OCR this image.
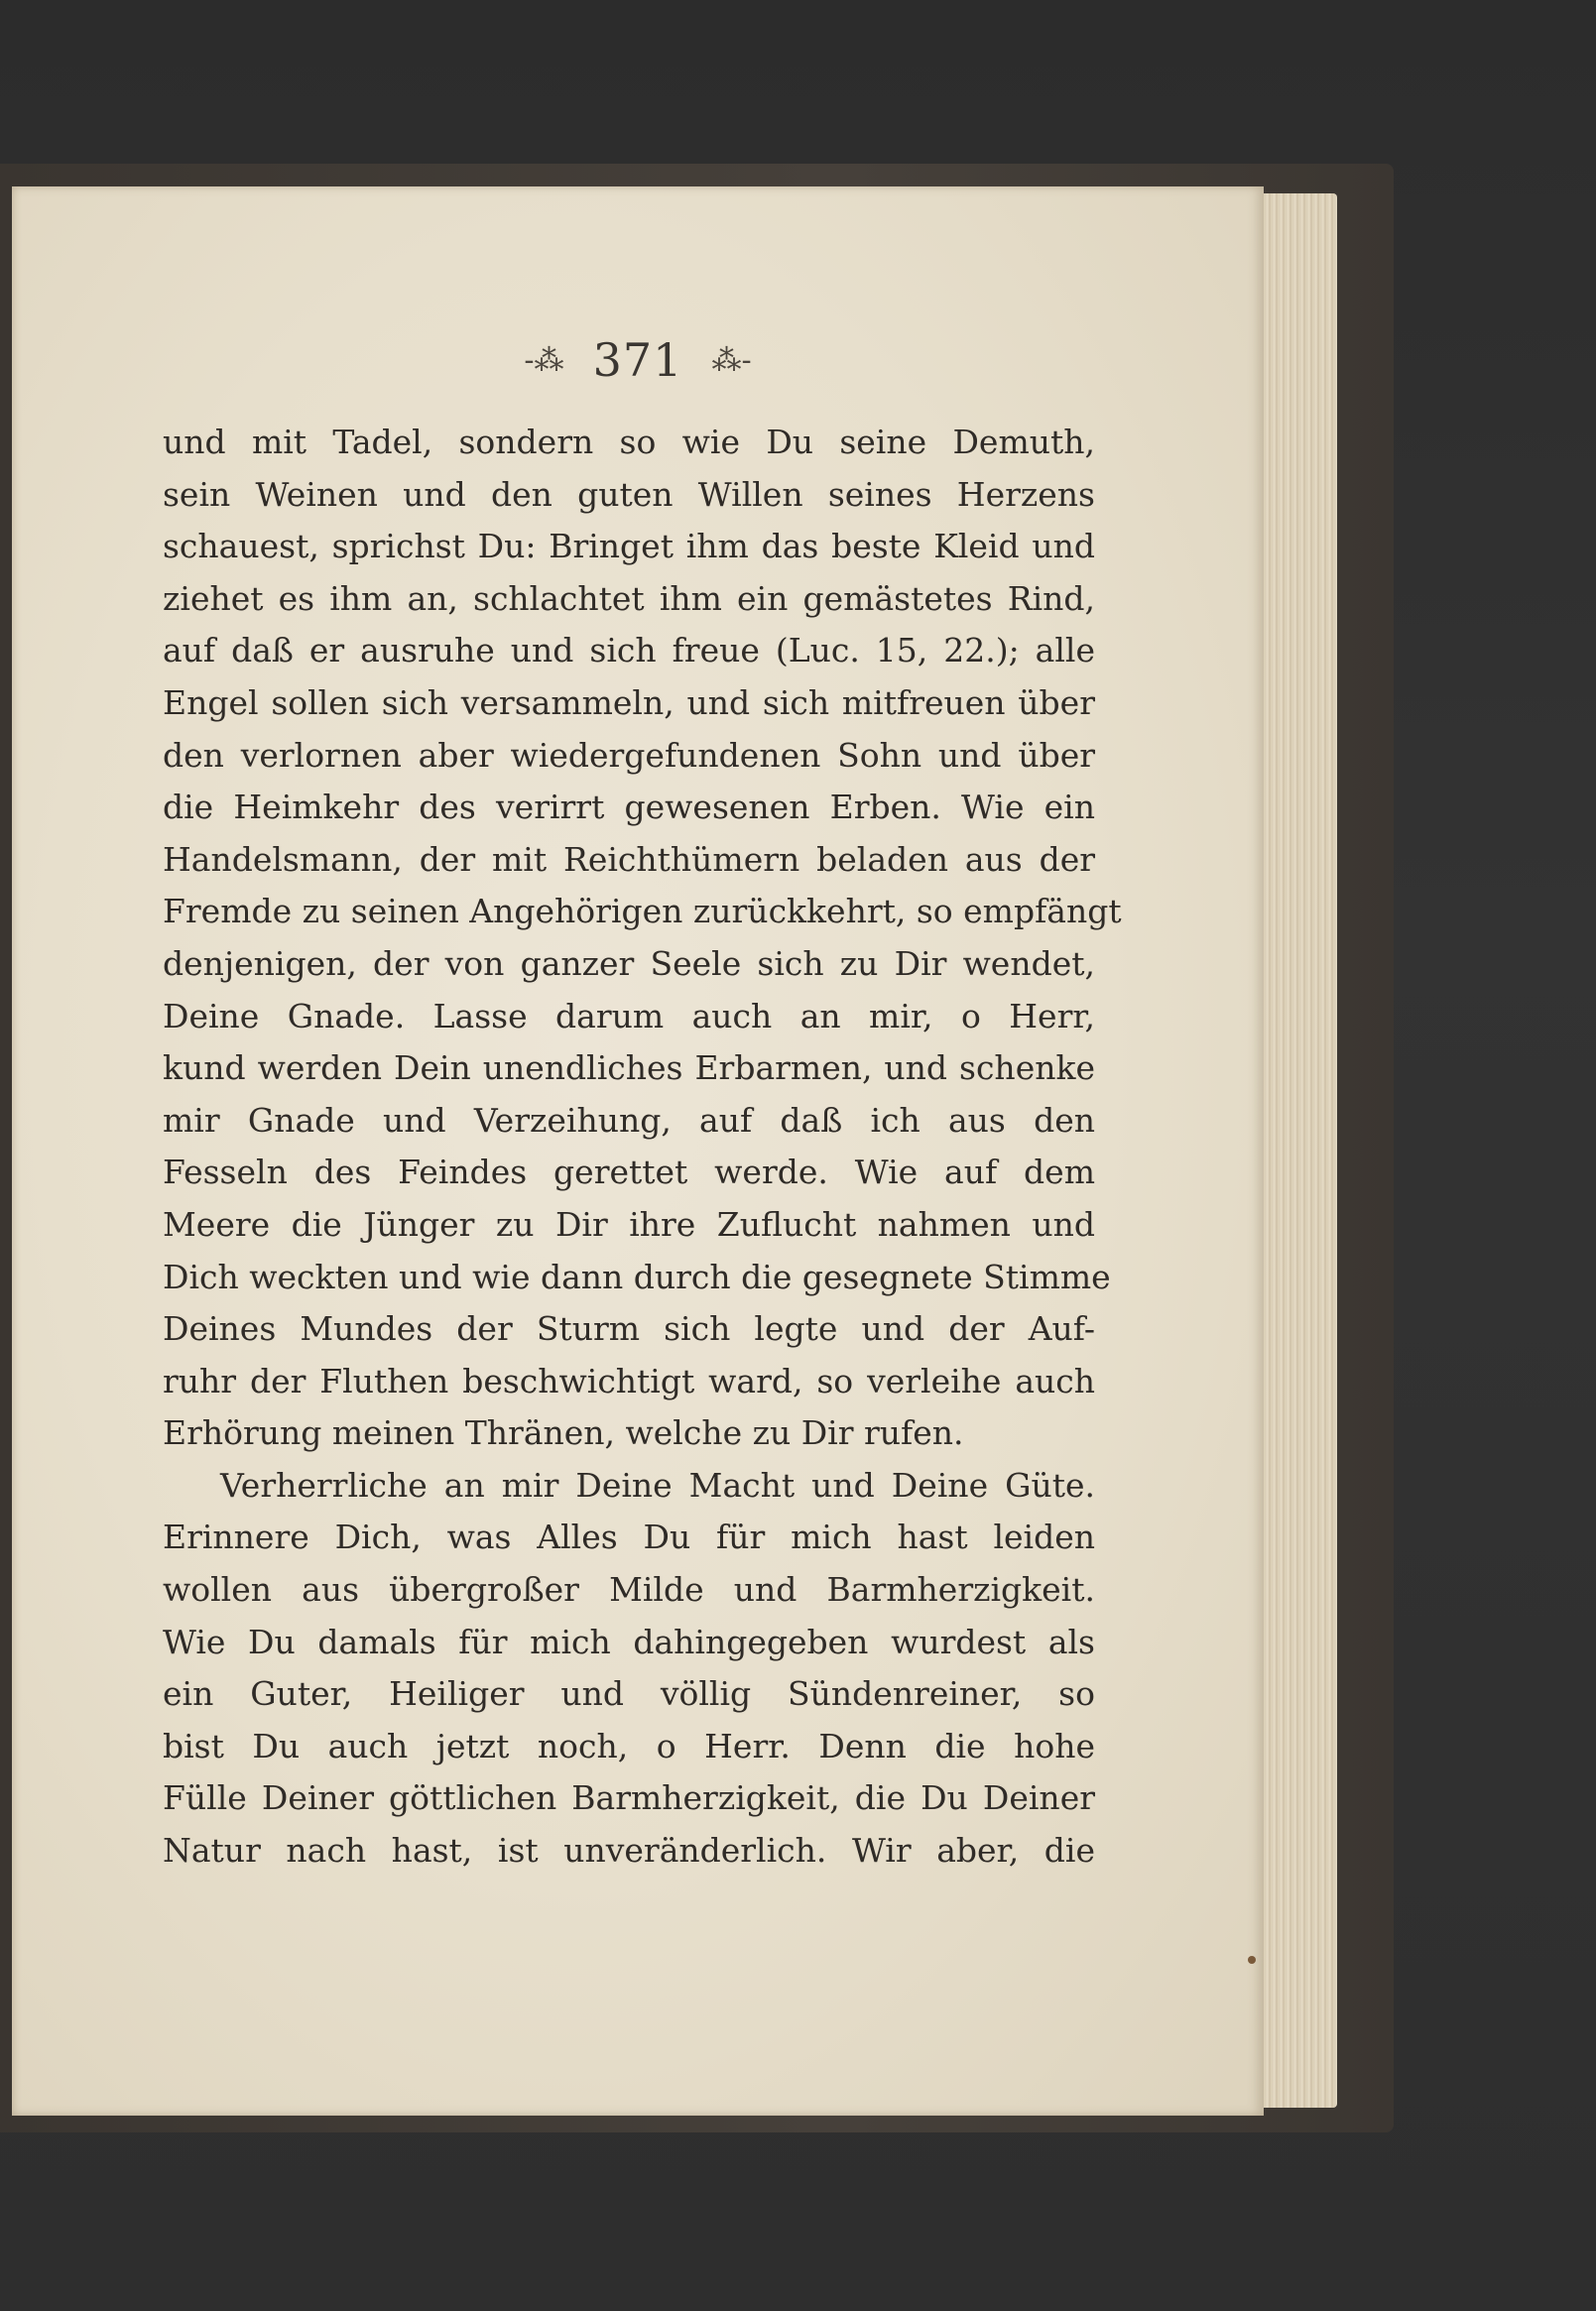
-⁂ 371 ⁂-
und mit Tadel, sondern so wie Du seine Demuth,
sein Weinen und den guten Willen seines Herzens
schauest, sprichst Du: Bringet ihm das beste Kleid und
ziehet es ihm an, schlachtet ihm ein gemästetes Rind,
auf daß er ausruhe und sich freue (Luc. 15, 22.); alle
Engel sollen sich versammeln, und sich mitfreuen über
den verlornen aber wiedergefundenen Sohn und über
die Heimkehr des verirrt gewesenen Erben. Wie ein
Handelsmann, der mit Reichthümern beladen aus der
Fremde zu seinen Angehörigen zurückkehrt, so empfängt
denjenigen, der von ganzer Seele sich zu Dir wendet,
Deine Gnade. Lasse darum auch an mir, o Herr,
kund werden Dein unendliches Erbarmen, und schenke
mir Gnade und Verzeihung, auf daß ich aus den
Fesseln des Feindes gerettet werde. Wie auf dem
Meere die Jünger zu Dir ihre Zuflucht nahmen und
Dich weckten und wie dann durch die gesegnete Stimme
Deines Mundes der Sturm sich legte und der Auf-
ruhr der Fluthen beschwichtigt ward, so verleihe auch
Erhörung meinen Thränen, welche zu Dir rufen.
Verherrliche an mir Deine Macht und Deine Güte.
Erinnere Dich, was Alles Du für mich hast leiden
wollen aus übergroßer Milde und Barmherzigkeit.
Wie Du damals für mich dahingegeben wurdest als
ein Guter, Heiliger und völlig Sündenreiner, so
bist Du auch jetzt noch, o Herr. Denn die hohe
Fülle Deiner göttlichen Barmherzigkeit, die Du Deiner
Natur nach hast, ist unveränderlich. Wir aber, die
